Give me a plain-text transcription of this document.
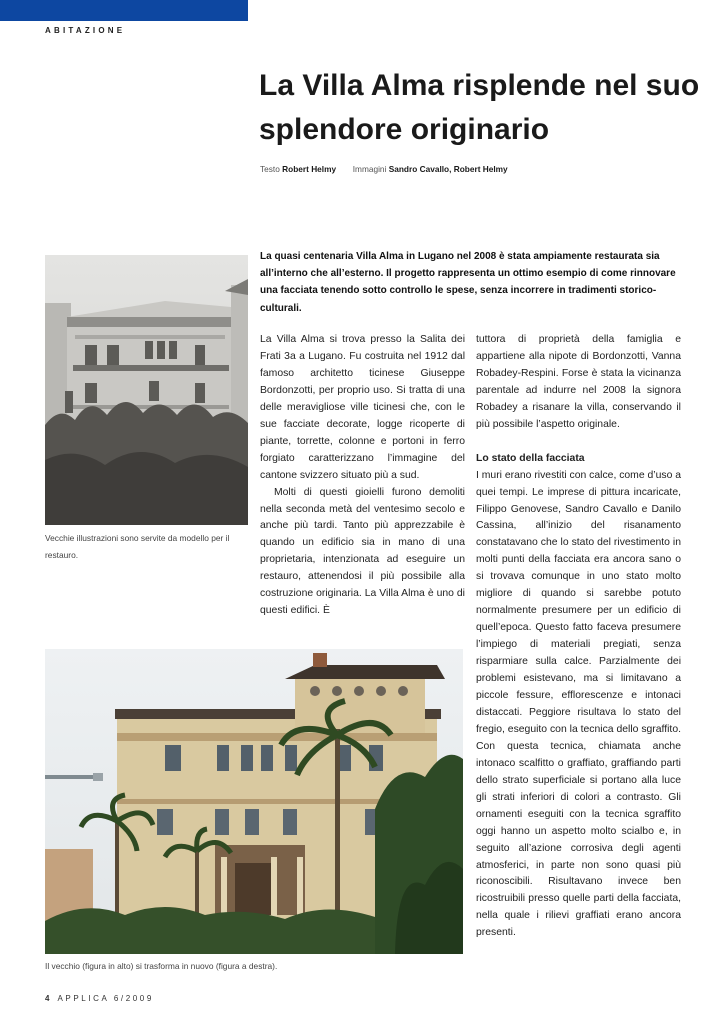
ABITAZIONE
La Villa Alma risplende nel suo splendore originario
Testo Robert Helmy Immagini Sandro Cavallo, Robert Helmy

La quasi centenaria Villa Alma in Lugano nel 2008 è stata ampiamente restaurata sia all’interno che all’esterno. Il progetto rappresenta un ottimo esempio di come rinnovare una facciata tenendo sotto controllo le spese, senza incorrere in tradimenti storico-culturali.

Vecchie illustrazioni sono servite da modello per il restauro.
Il vecchio (figura in alto) si trasforma in nuovo (figura a destra).

La Villa Alma si trova presso la Salita dei Frati 3a a Lugano. Fu costruita nel 1912 dal famoso architetto ticinese Giuseppe Bordonzotti, per proprio uso. Si tratta di una delle meravigliose ville ticinesi che, con le sue facciate decorate, logge ricoperte di piante, torrette, colonne e portoni in ferro forgiato caratterizzano l’immagine del cantone svizzero situato più a sud.

Molti di questi gioielli furono demoliti nella seconda metà del ventesimo secolo e anche più tardi. Tanto più apprezzabile è quando un edificio sia in mano di una proprietaria, intenzionata ad eseguire un restauro, attenendosi il più possibile alla costruzione originaria. La Villa Alma è uno di questi edifici. È

tuttora di proprietà della famiglia e appartiene alla nipote di Bordonzotti, Vanna Robadey-Respini. Forse è stata la vicinanza parentale ad indurre nel 2008 la signora Robadey a risanare la villa, conservando il più possibile l’aspetto originale.

Lo stato della facciata

I muri erano rivestiti con calce, come d’uso a quei tempi. Le imprese di pittura incaricate, Filippo Genovese, Sandro Cavallo e Danilo Cassina, all’inizio del risanamento constatavano che lo stato del rivestimento in molti punti della facciata era ancora sano o si trovava comunque in uno stato molto migliore di quando si sarebbe potuto normalmente presumere per un edificio di quell’epoca. Questo fatto faceva presumere l’impiego di materiali pregiati, senza risparmiare sulla calce. Parzialmente dei problemi esistevano, ma si limitavano a piccole fessure, efflorescenze e intonaci distaccati. Peggiore risultava lo stato del fregio, eseguito con la tecnica dello sgraffito. Con questa tecnica, chiamata anche intonaco scalfitto o graffiato, graffiando parti dello strato superficiale si portano alla luce gli strati inferiori di colori a contrasto. Gli ornamenti eseguiti con la tecnica sgraffito oggi hanno un aspetto molto scialbo e, in seguito all’azione corrosiva degli agenti atmosferici, in parte non sono quasi più riconoscibili. Risultavano invece ben ricostruibili presso quelle parti della facciata, nella quale i rilievi graffiati erano ancora presenti.

4 APPLICA 6/2009
